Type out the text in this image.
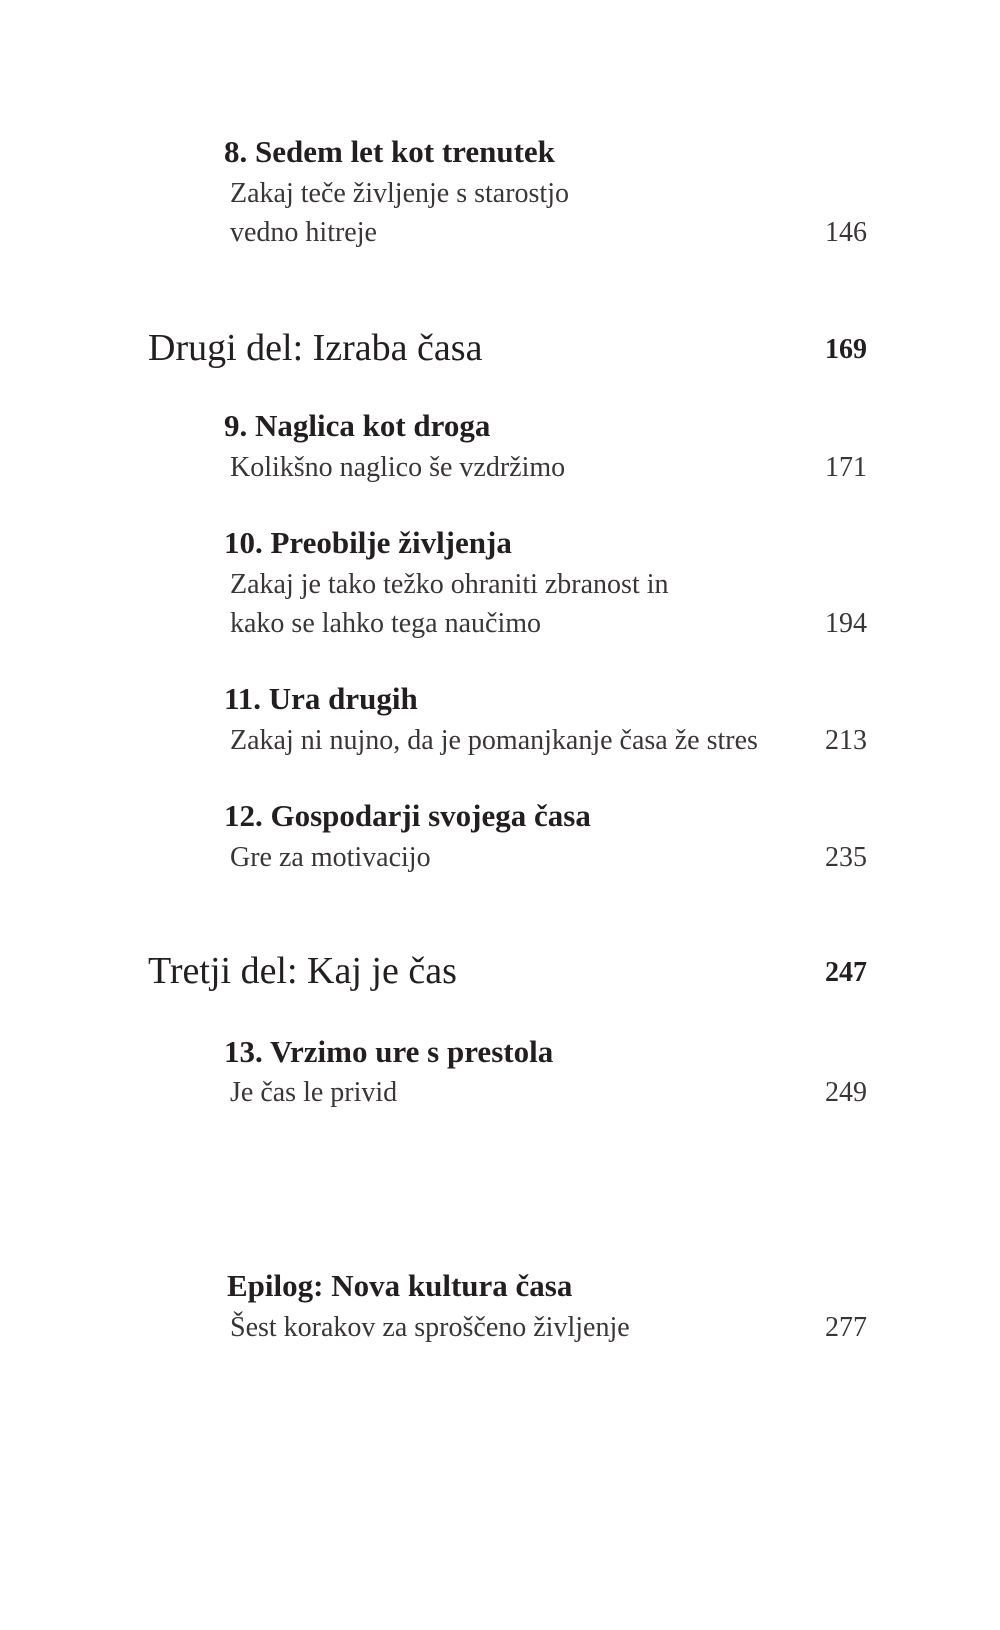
8. Sedem let kot trenutek
Zakaj teče življenje s starostjo
vedno hitreje	146
Drugi del: Izraba časa	169
9. Naglica kot droga
Kolikšno naglico še vzdržimo	171
10. Preobilje življenja
Zakaj je tako težko ohraniti zbranost in
kako se lahko tega naučimo	194
11. Ura drugih
Zakaj ni nujno, da je pomanjkanje časa že stres	213
12. Gospodarji svojega časa
Gre za motivacijo	235
Tretji del: Kaj je čas	247
13. Vrzimo ure s prestola
Je čas le privid	249
Epilog: Nova kultura časa
Šest korakov za sproščeno življenje	277
